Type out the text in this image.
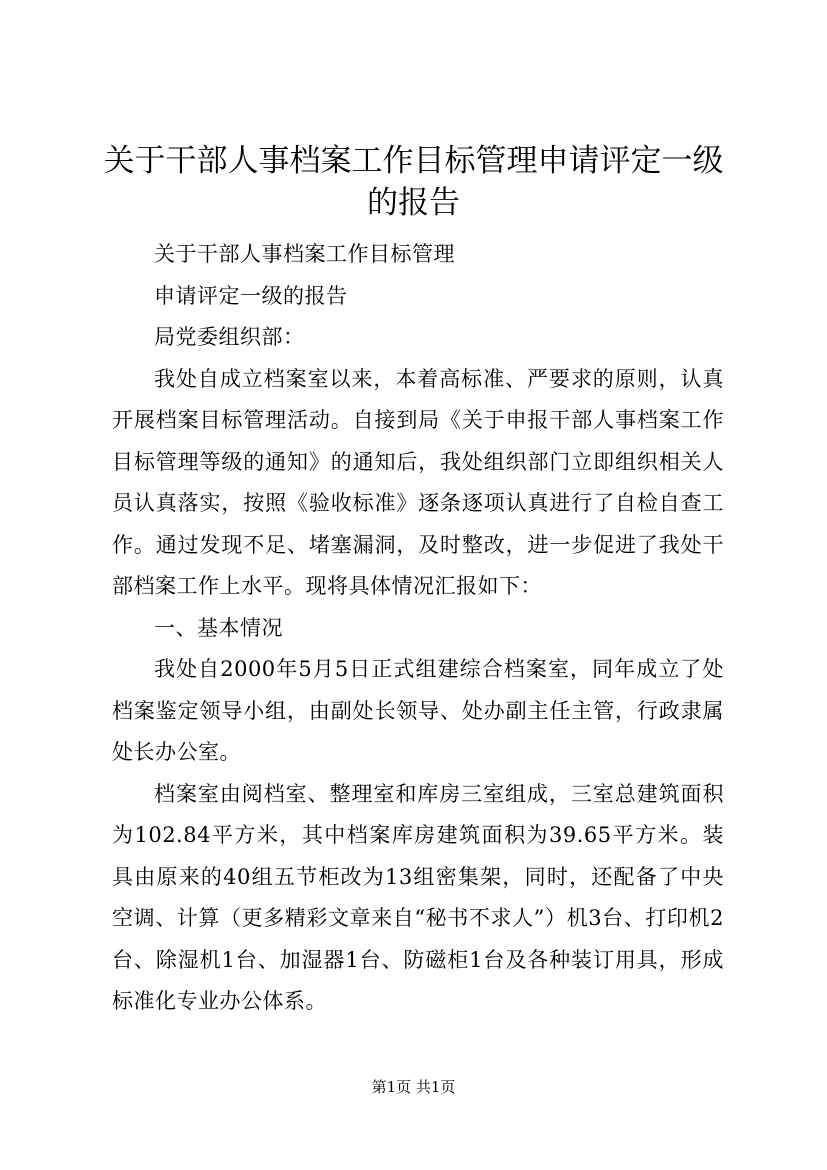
关于干部人事档案工作目标管理申请评定一级的报告

关于干部人事档案工作目标管理

申请评定一级的报告

局党委组织部：

我处自成立档案室以来，本着高标准、严要求的原则，认真开展档案目标管理活动。自接到局《关于申报干部人事档案工作目标管理等级的通知》的通知后，我处组织部门立即组织相关人员认真落实，按照《验收标准》逐条逐项认真进行了自检自查工作。通过发现不足、堵塞漏洞，及时整改，进一步促进了我处干部档案工作上水平。现将具体情况汇报如下：

一、基本情况

我处自2000年5月5日正式组建综合档案室，同年成立了处档案鉴定领导小组，由副处长领导、处办副主任主管，行政隶属处长办公室。

档案室由阅档室、整理室和库房三室组成，三室总建筑面积为102.84平方米，其中档案库房建筑面积为39.65平方米。装具由原来的40组五节柜改为13组密集架，同时，还配备了中央空调、计算（更多精彩文章来自“秘书不求人”）机3台、打印机2台、除湿机1台、加湿器1台、防磁柜1台及各种装订用具，形成标准化专业办公体系。

第1页 共1页
